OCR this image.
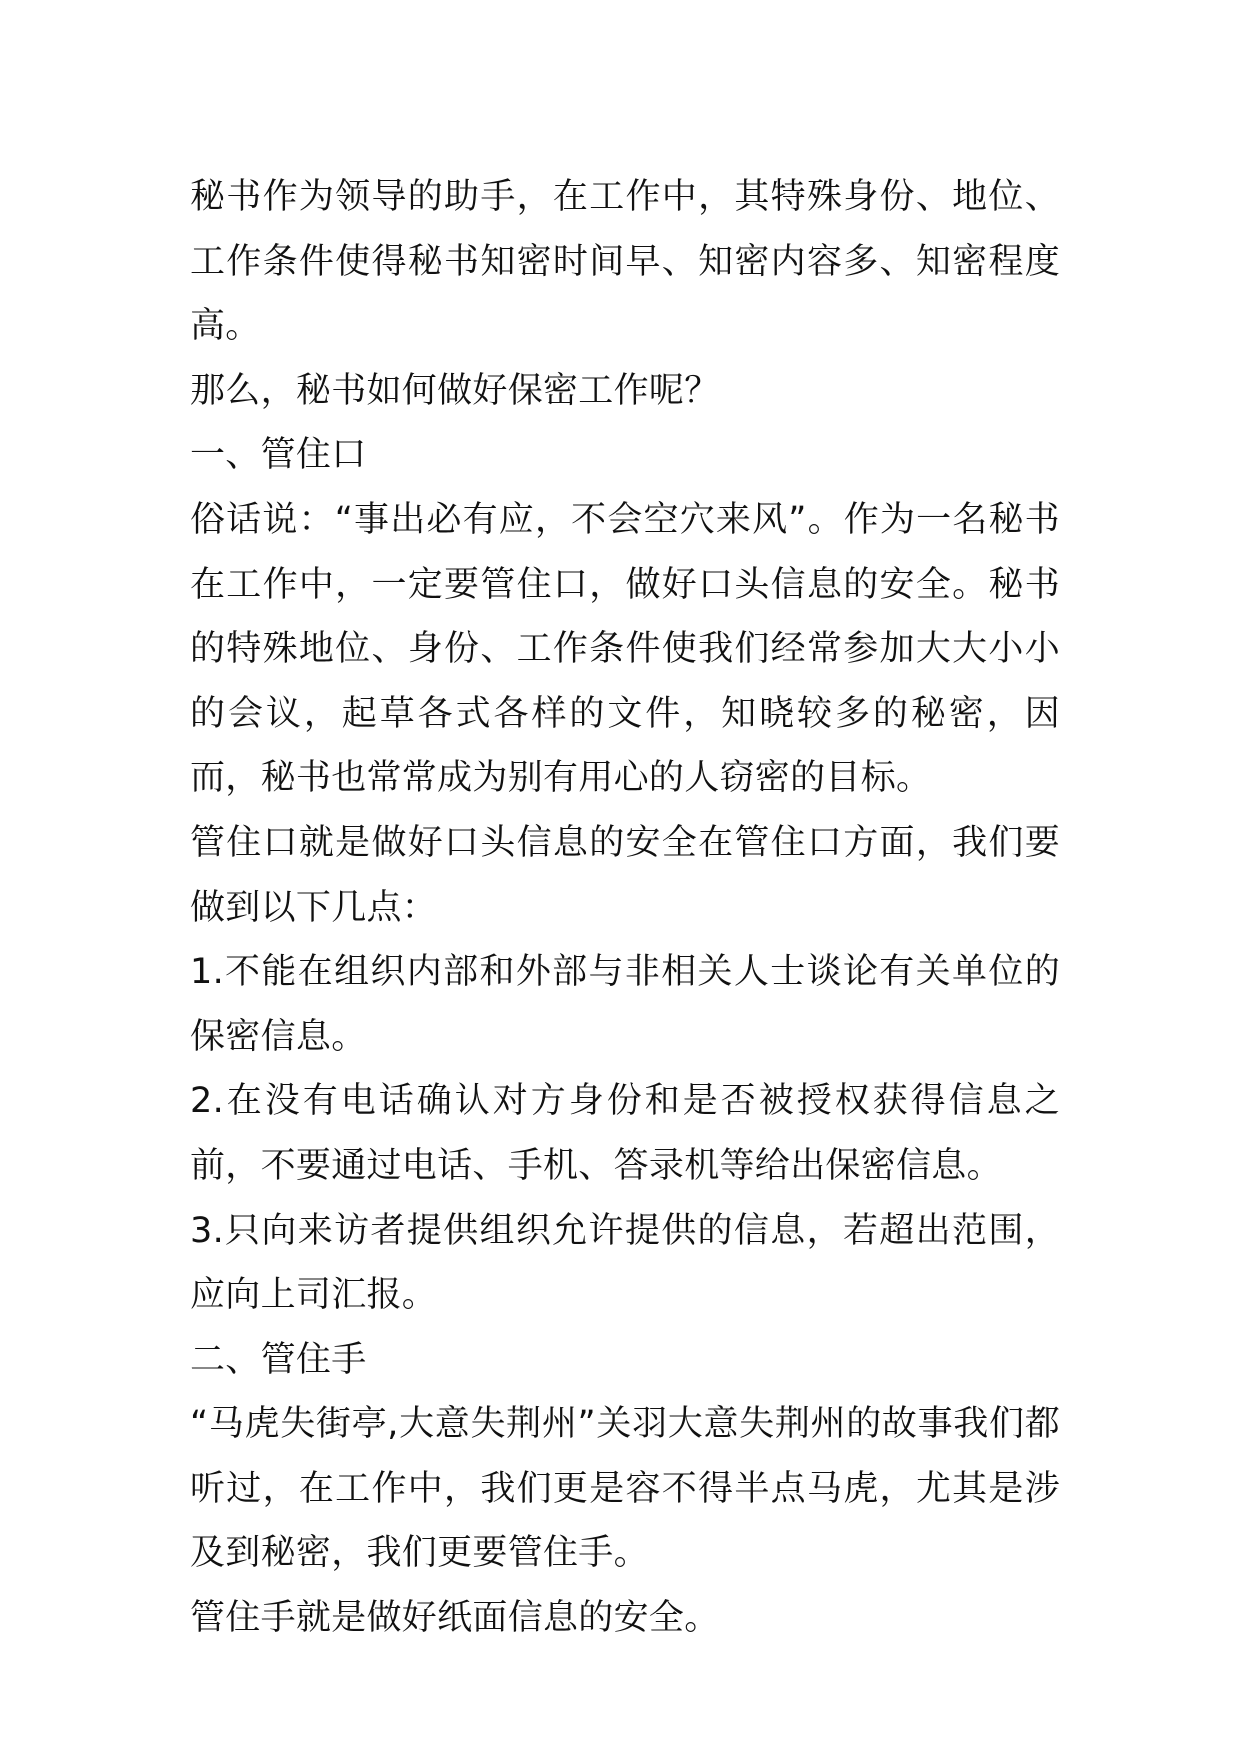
秘书作为领导的助手，在工作中，其特殊身份、地位、工作条件使得秘书知密时间早、知密内容多、知密程度高。

那么，秘书如何做好保密工作呢？

一、管住口

俗话说：“事出必有应，不会空穴来风”。作为一名秘书在工作中，一定要管住口，做好口头信息的安全。秘书的特殊地位、身份、工作条件使我们经常参加大大小小的会议，起草各式各样的文件，知晓较多的秘密，因而，秘书也常常成为别有用心的人窃密的目标。

管住口就是做好口头信息的安全在管住口方面，我们要做到以下几点：

1.不能在组织内部和外部与非相关人士谈论有关单位的保密信息。

2.在没有电话确认对方身份和是否被授权获得信息之前，不要通过电话、手机、答录机等给出保密信息。

3.只向来访者提供组织允许提供的信息，若超出范围，应向上司汇报。

二、管住手

“马虎失街亭,大意失荆州”关羽大意失荆州的故事我们都听过，在工作中，我们更是容不得半点马虎，尤其是涉及到秘密，我们更要管住手。

管住手就是做好纸面信息的安全。
